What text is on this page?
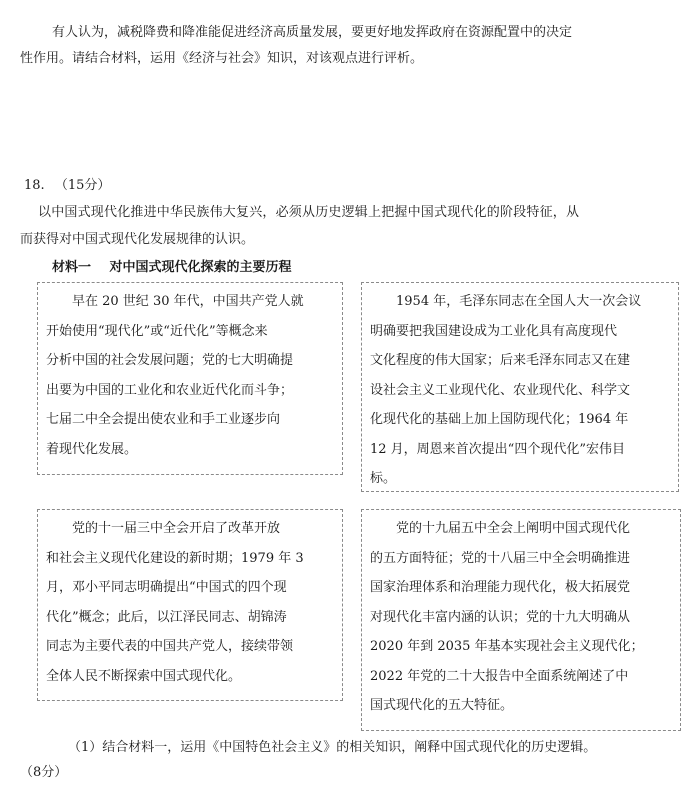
有人认为，减税降费和降准能促进经济高质量发展，要更好地发挥政府在资源配置中的决定
性作用。请结合材料，运用《经济与社会》知识，对该观点进行评析。
18. （15分）
以中国式现代化推进中华民族伟大复兴，必须从历史逻辑上把握中国式现代化的阶段特征，从
而获得对中国式现代化发展规律的认识。
材料一 对中国式现代化探索的主要历程
早在 20 世纪 30 年代，中国共产党人就
开始使用“现代化”或“近代化”等概念来
分析中国的社会发展问题；党的七大明确提
出要为中国的工业化和农业近代化而斗争；
七届二中全会提出使农业和手工业逐步向
着现代化发展。
1954 年，毛泽东同志在全国人大一次会议
明确要把我国建设成为工业化具有高度现代
文化程度的伟大国家；后来毛泽东同志又在建
设社会主义工业现代化、农业现代化、科学文
化现代化的基础上加上国防现代化；1964 年
12 月，周恩来首次提出“四个现代化”宏伟目
标。
党的十一届三中全会开启了改革开放
和社会主义现代化建设的新时期；1979 年 3
月，邓小平同志明确提出“中国式的四个现
代化”概念；此后，以江泽民同志、胡锦涛
同志为主要代表的中国共产党人，接续带领
全体人民不断探索中国式现代化。
党的十九届五中全会上阐明中国式现代化
的五方面特征；党的十八届三中全会明确推进
国家治理体系和治理能力现代化，极大拓展党
对现代化丰富内涵的认识；党的十九大明确从
2020 年到 2035 年基本实现社会主义现代化；
2022 年党的二十大报告中全面系统阐述了中
国式现代化的五大特征。
（1）结合材料一，运用《中国特色社会主义》的相关知识，阐释中国式现代化的历史逻辑。
（8分）
